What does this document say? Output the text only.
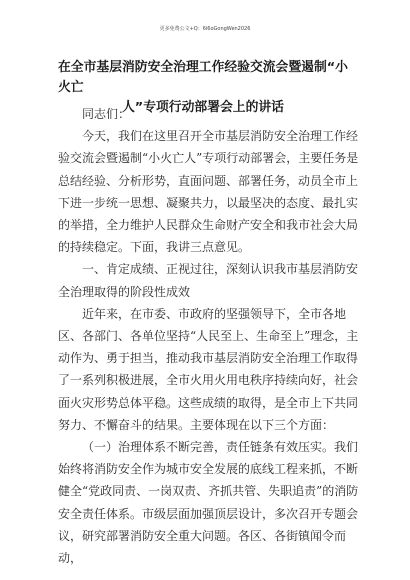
更多免费公文+Q：6i6oGongWen2026
在全市基层消防安全治理工作经验交流会暨遏制“小火亡
人”专项行动部署会上的讲话

同志们：

今天，我们在这里召开全市基层消防安全治理工作经验交流会暨遏制“小火亡人”专项行动部署会，主要任务是总结经验、分析形势，直面问题、部署任务，动员全市上下进一步统一思想、凝聚共力，以最坚决的态度、最扎实的举措，全力维护人民群众生命财产安全和我市社会大局的持续稳定。下面，我讲三点意见。

一、肯定成绩、正视过往，深刻认识我市基层消防安全治理取得的阶段性成效

近年来，在市委、市政府的坚强领导下，全市各地区、各部门、各单位坚持“人民至上、生命至上”理念，主动作为、勇于担当，推动我市基层消防安全治理工作取得了一系列积极进展，全市火用火用电秩序持续向好，社会面火灾形势总体平稳。这些成绩的取得，是全市上下共同努力、不懈奋斗的结果。主要体现在以下三个方面：

（一）治理体系不断完善，责任链条有效压实。我们始终将消防安全作为城市安全发展的底线工程来抓，不断健全“党政同责、一岗双责、齐抓共管、失职追责”的消防安全责任体系。市级层面加强顶层设计，多次召开专题会议，研究部署消防安全重大问题。各区、各街镇闻令而动，
